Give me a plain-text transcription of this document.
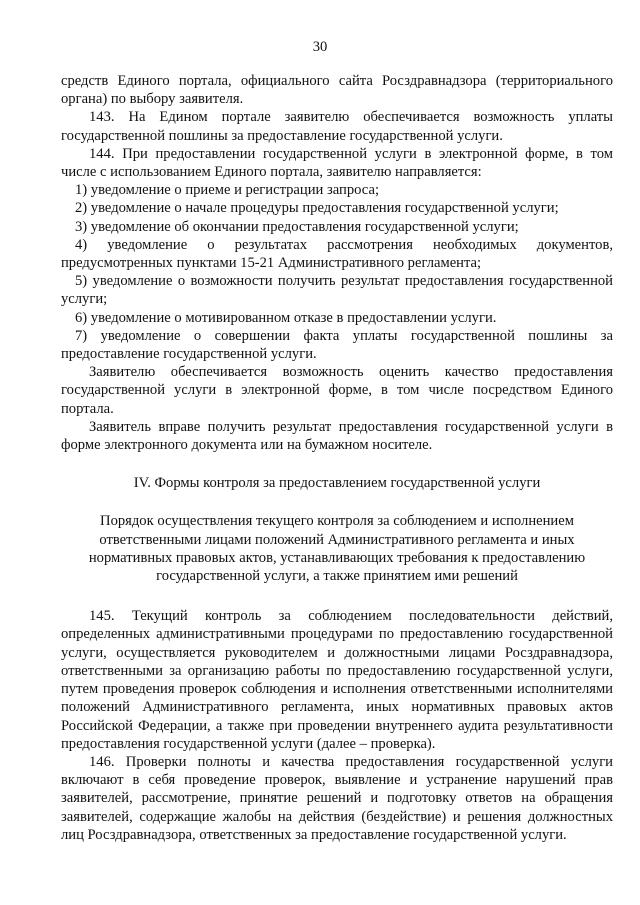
30

средств Единого портала, официального сайта Росздравнадзора (территориального органа) по выбору заявителя.

143. На Едином портале заявителю обеспечивается возможность уплаты государственной пошлины за предоставление государственной услуги.

144. При предоставлении государственной услуги в электронной форме, в том числе с использованием Единого портала, заявителю направляется:

1) уведомление о приеме и регистрации запроса;

2) уведомление о начале процедуры предоставления государственной услуги;

3) уведомление об окончании предоставления государственной услуги;

4) уведомление о результатах рассмотрения необходимых документов, предусмотренных пунктами 15-21 Административного регламента;

5) уведомление о возможности получить результат предоставления государственной услуги;

6) уведомление о мотивированном отказе в предоставлении услуги.

7) уведомление о совершении факта уплаты государственной пошлины за предоставление государственной услуги.

Заявителю обеспечивается возможность оценить качество предоставления государственной услуги в электронной форме, в том числе посредством Единого портала.

Заявитель вправе получить результат предоставления государственной услуги в форме электронного документа или на бумажном носителе.

IV. Формы контроля за предоставлением государственной услуги

Порядок осуществления текущего контроля за соблюдением и исполнением
ответственными лицами положений Административного регламента и иных
нормативных правовых актов, устанавливающих требования к предоставлению
государственной услуги, а также принятием ими решений

145. Текущий контроль за соблюдением последовательности действий, определенных административными процедурами по предоставлению государственной услуги, осуществляется руководителем и должностными лицами Росздравнадзора, ответственными за организацию работы по предоставлению государственной услуги, путем проведения проверок соблюдения и исполнения ответственными исполнителями положений Административного регламента, иных нормативных правовых актов Российской Федерации, а также при проведении внутреннего аудита результативности предоставления государственной услуги (далее – проверка).

146. Проверки полноты и качества предоставления государственной услуги включают в себя проведение проверок, выявление и устранение нарушений прав заявителей, рассмотрение, принятие решений и подготовку ответов на обращения заявителей, содержащие жалобы на действия (бездействие) и решения должностных лиц Росздравнадзора, ответственных за предоставление государственной услуги.
